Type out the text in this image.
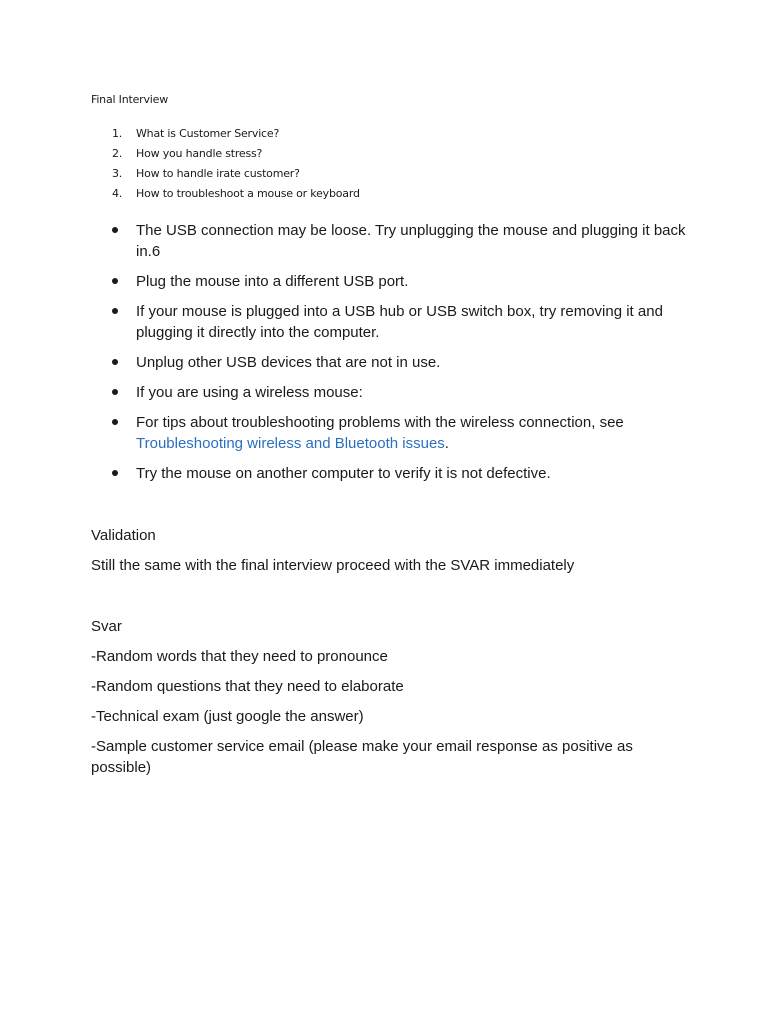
Final Interview
1. What is Customer Service?
2. How you handle stress?
3. How to handle irate customer?
4. How to troubleshoot a mouse or keyboard
The USB connection may be loose. Try unplugging the mouse and plugging it back in.6
Plug the mouse into a different USB port.
If your mouse is plugged into a USB hub or USB switch box, try removing it and plugging it directly into the computer.
Unplug other USB devices that are not in use.
If you are using a wireless mouse:
For tips about troubleshooting problems with the wireless connection, see Troubleshooting wireless and Bluetooth issues.
Try the mouse on another computer to verify it is not defective.
Validation
Still the same with the final interview proceed with the SVAR immediately
Svar
-Random words that they need to pronounce
-Random questions that they need to elaborate
-Technical exam (just google the answer)
-Sample customer service email (please make your email response as positive as possible)
